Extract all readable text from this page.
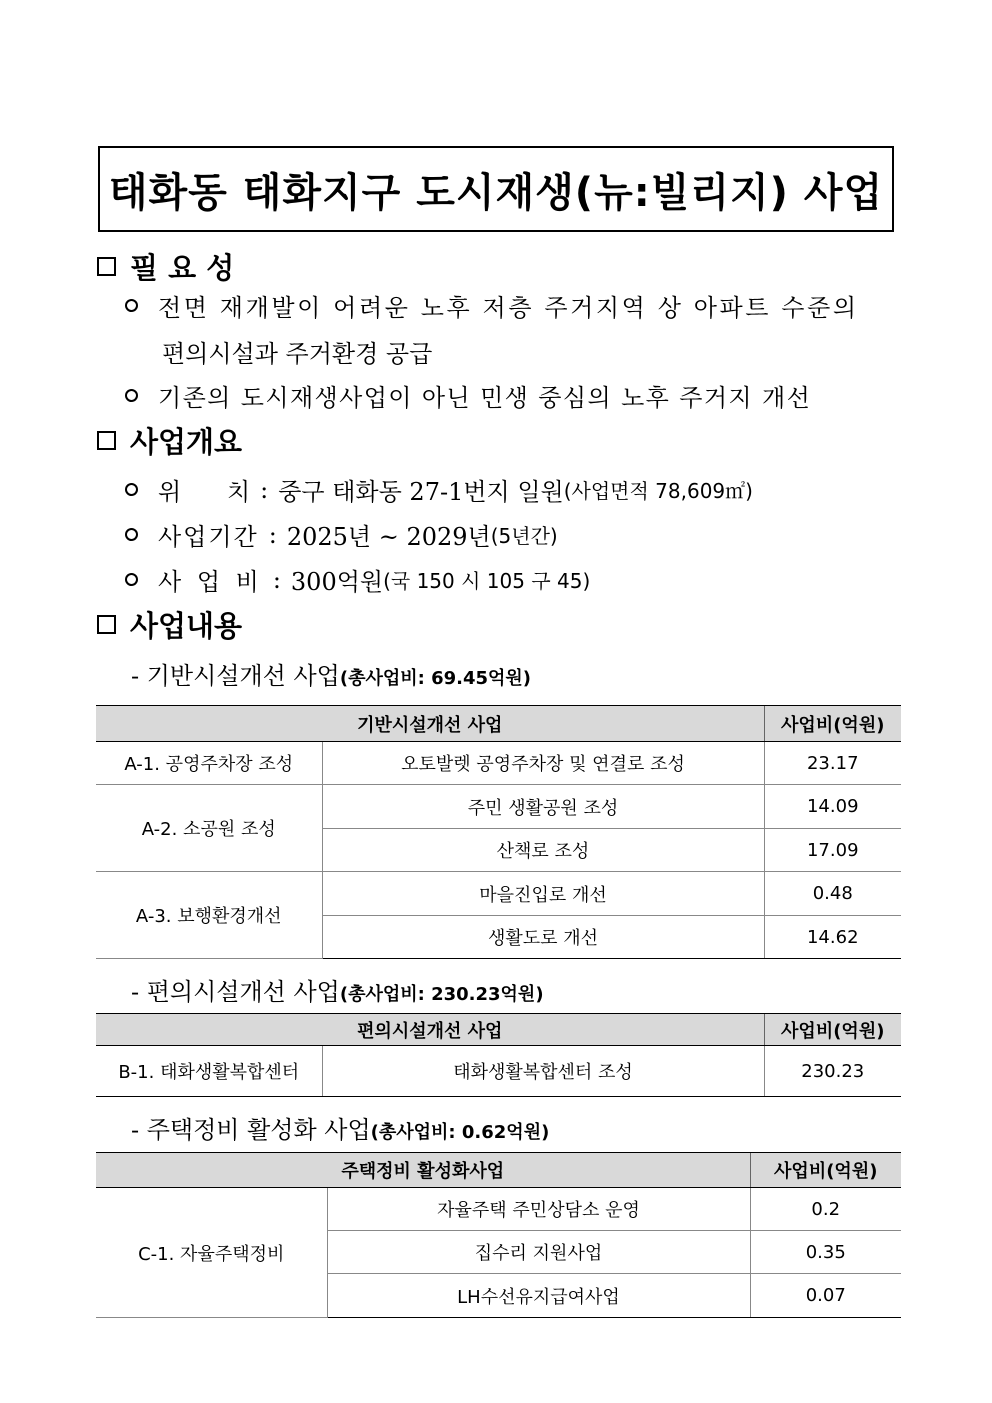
태화동 태화지구 도시재생(뉴:빌리지) 사업
필 요 성
전면 재개발이 어려운 노후 저층 주거지역 상 아파트 수준의
편의시설과 주거환경 공급
기존의 도시재생사업이 아닌 민생 중심의 노후 주거지 개선
사업개요
위      치 : 중구 태화동 27-1번지 일원 (사업면적 78,609㎡)
사업기간 : 2025년 ~ 2029년 (5년간)
사 업 비 : 300억원 (국 150 시 105 구 45)
사업내용
- 기반시설개선 사업(총사업비: 69.45억원)
기반시설개선 사업		사업비(억원)
A-1. 공영주차장 조성	오토발렛 공영주차장 및 연결로 조성	23.17
A-2. 소공원 조성	주민 생활공원 조성	14.09
	산책로 조성	17.09
A-3. 보행환경개선	마을진입로 개선	0.48
	생활도로 개선	14.62
- 편의시설개선 사업(총사업비: 230.23억원)
편의시설개선 사업		사업비(억원)
B-1. 태화생활복합센터	태화생활복합센터 조성	230.23
- 주택정비 활성화 사업(총사업비: 0.62억원)
주택정비 활성화사업		사업비(억원)
C-1. 자율주택정비	자율주택 주민상담소 운영	0.2
	집수리 지원사업	0.35
	LH수선유지급여사업	0.07
